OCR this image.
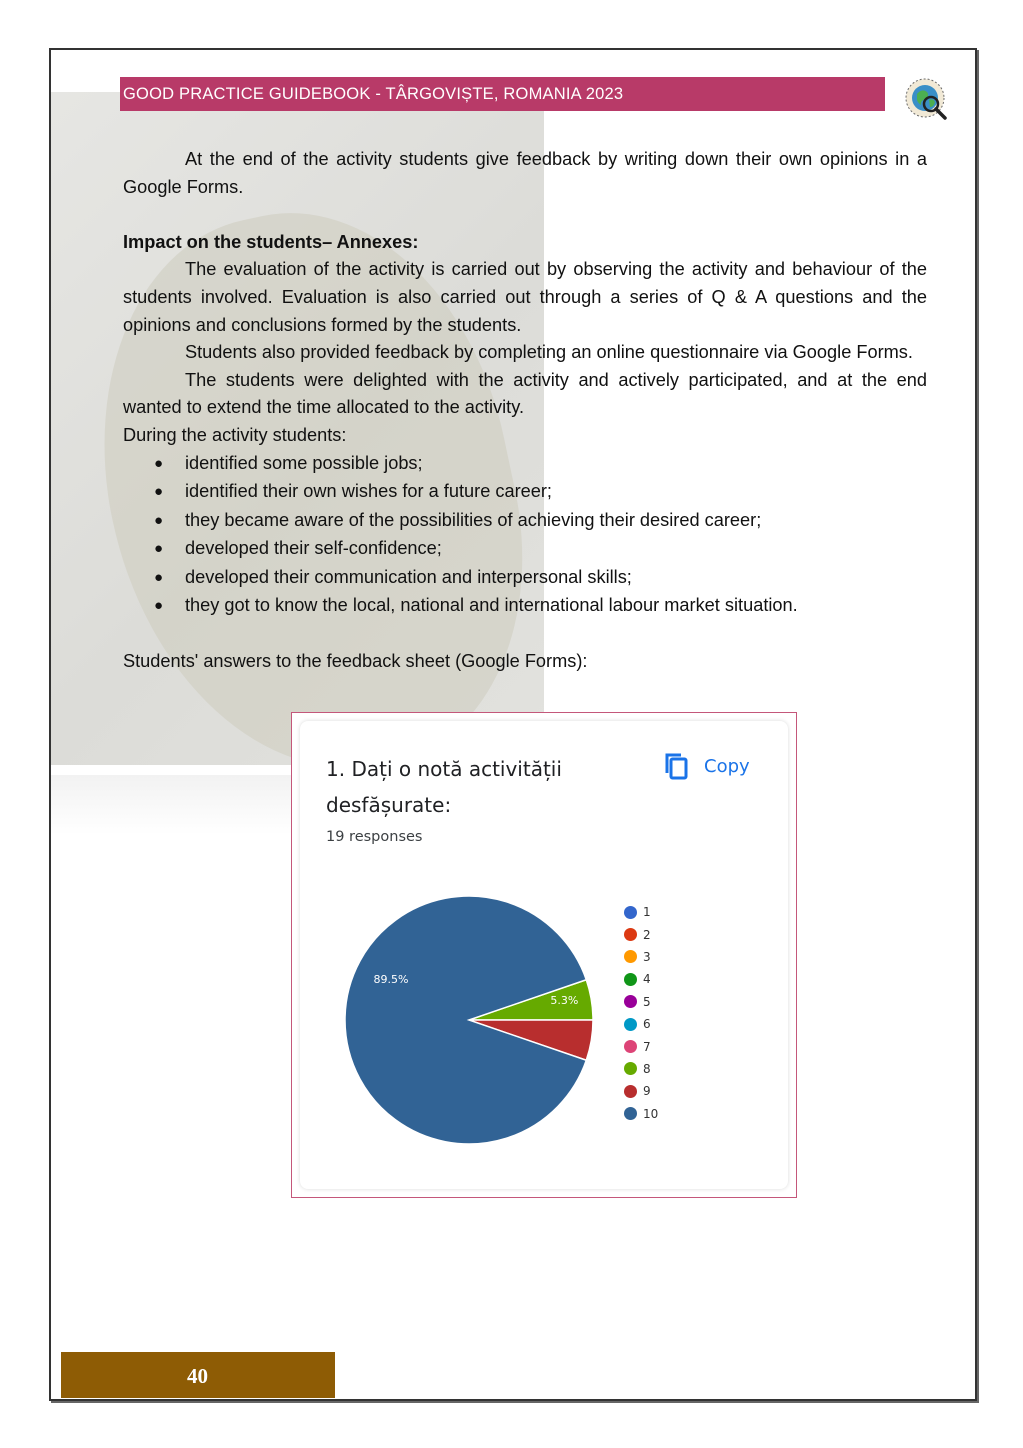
GOOD PRACTICE GUIDEBOOK - TÂRGOVIȘTE, ROMANIA 2023

At the end of the activity students give feedback by writing down their own opinions in a Google Forms.

Impact on the students– Annexes:

The evaluation of the activity is carried out by observing the activity and behaviour of the students involved. Evaluation is also carried out through a series of Q & A questions and the opinions and conclusions formed by the students.

Students also provided feedback by completing an online questionnaire via Google Forms.

The students were delighted with the activity and actively participated, and at the end wanted to extend the time allocated to the activity.

During the activity students:

● identified some possible jobs;
● identified their own wishes for a future career;
● they became aware of the possibilities of achieving their desired career;
● developed their self-confidence;
● developed their communication and interpersonal skills;
● they got to know the local, national and international labour market situation.

Students' answers to the feedback sheet (Google Forms):

1. Dați o notă activității desfășurate:
Copy
19 responses
5.3%
89.5%
1
2
3
4
5
6
7
8
9
10
40
